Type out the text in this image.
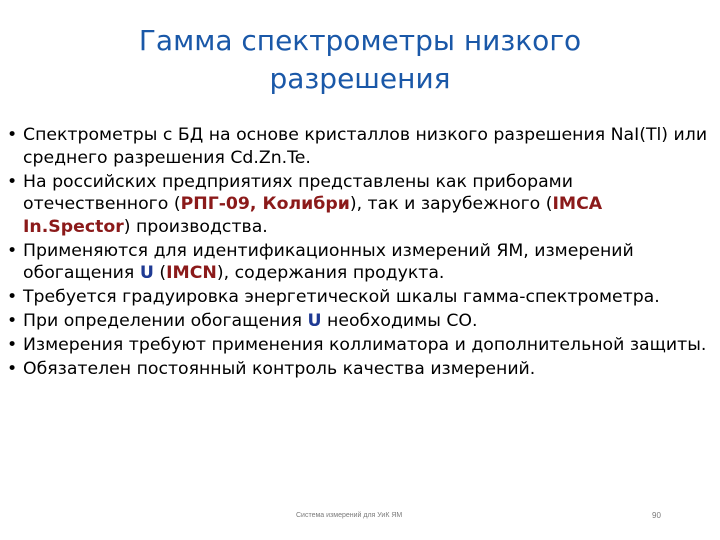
Гамма спектрометры низкого
разрешения
• Спектрометры с БД на основе кристаллов низкого разрешения NaI(Tl) или среднего разрешения Cd.Zn.Te.
• На российских предприятиях представлены как приборами отечественного (РПГ-09, Колибри), так и зарубежного (IMCA In.Spector) производства.
• Применяются для идентификационных измерений ЯМ, измерений обогащения U (IMCN), содержания продукта.
• Требуется градуировка энергетической шкалы гамма-спектрометра.
• При определении обогащения U необходимы СО.
• Измерения требуют применения коллиматора и дополнительной защиты.
• Обязателен постоянный контроль качества измерений.
Система измерений для УиК ЯМ	90
